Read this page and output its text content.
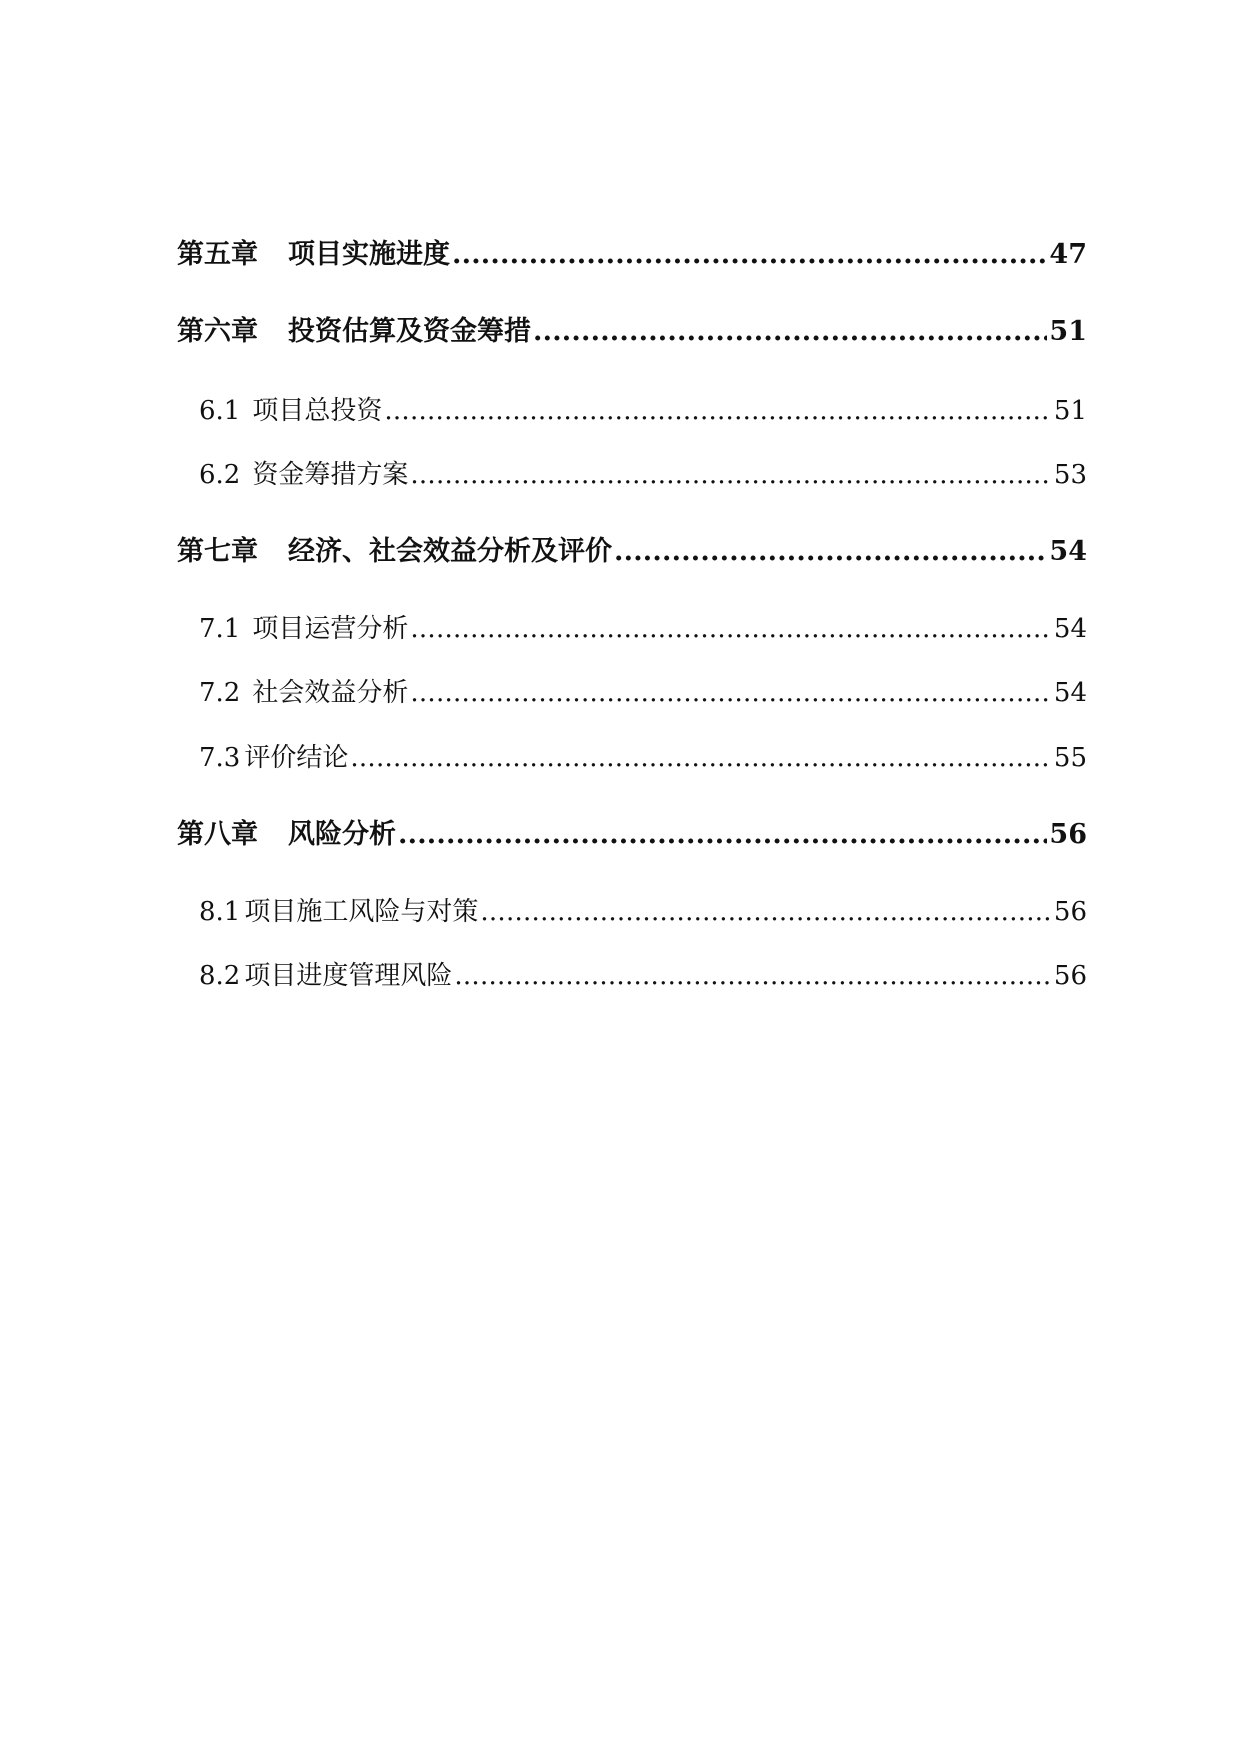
第五章 项目实施进度 . . .	47
第六章 投资估算及资金筹措 . . .	51
6.1 项目总投资 . . .	51
6.2 资金筹措方案 . . .	53
第七章 经济、社会效益分析及评价 . . .	54
7.1 项目运营分析 . . .	54
7.2 社会效益分析 . . .	54
7.3 评价结论 . . .	55
第八章 风险分析 . . .	56
8.1 项目施工风险与对策 . . .	56
8.2 项目进度管理风险 . . .	56
